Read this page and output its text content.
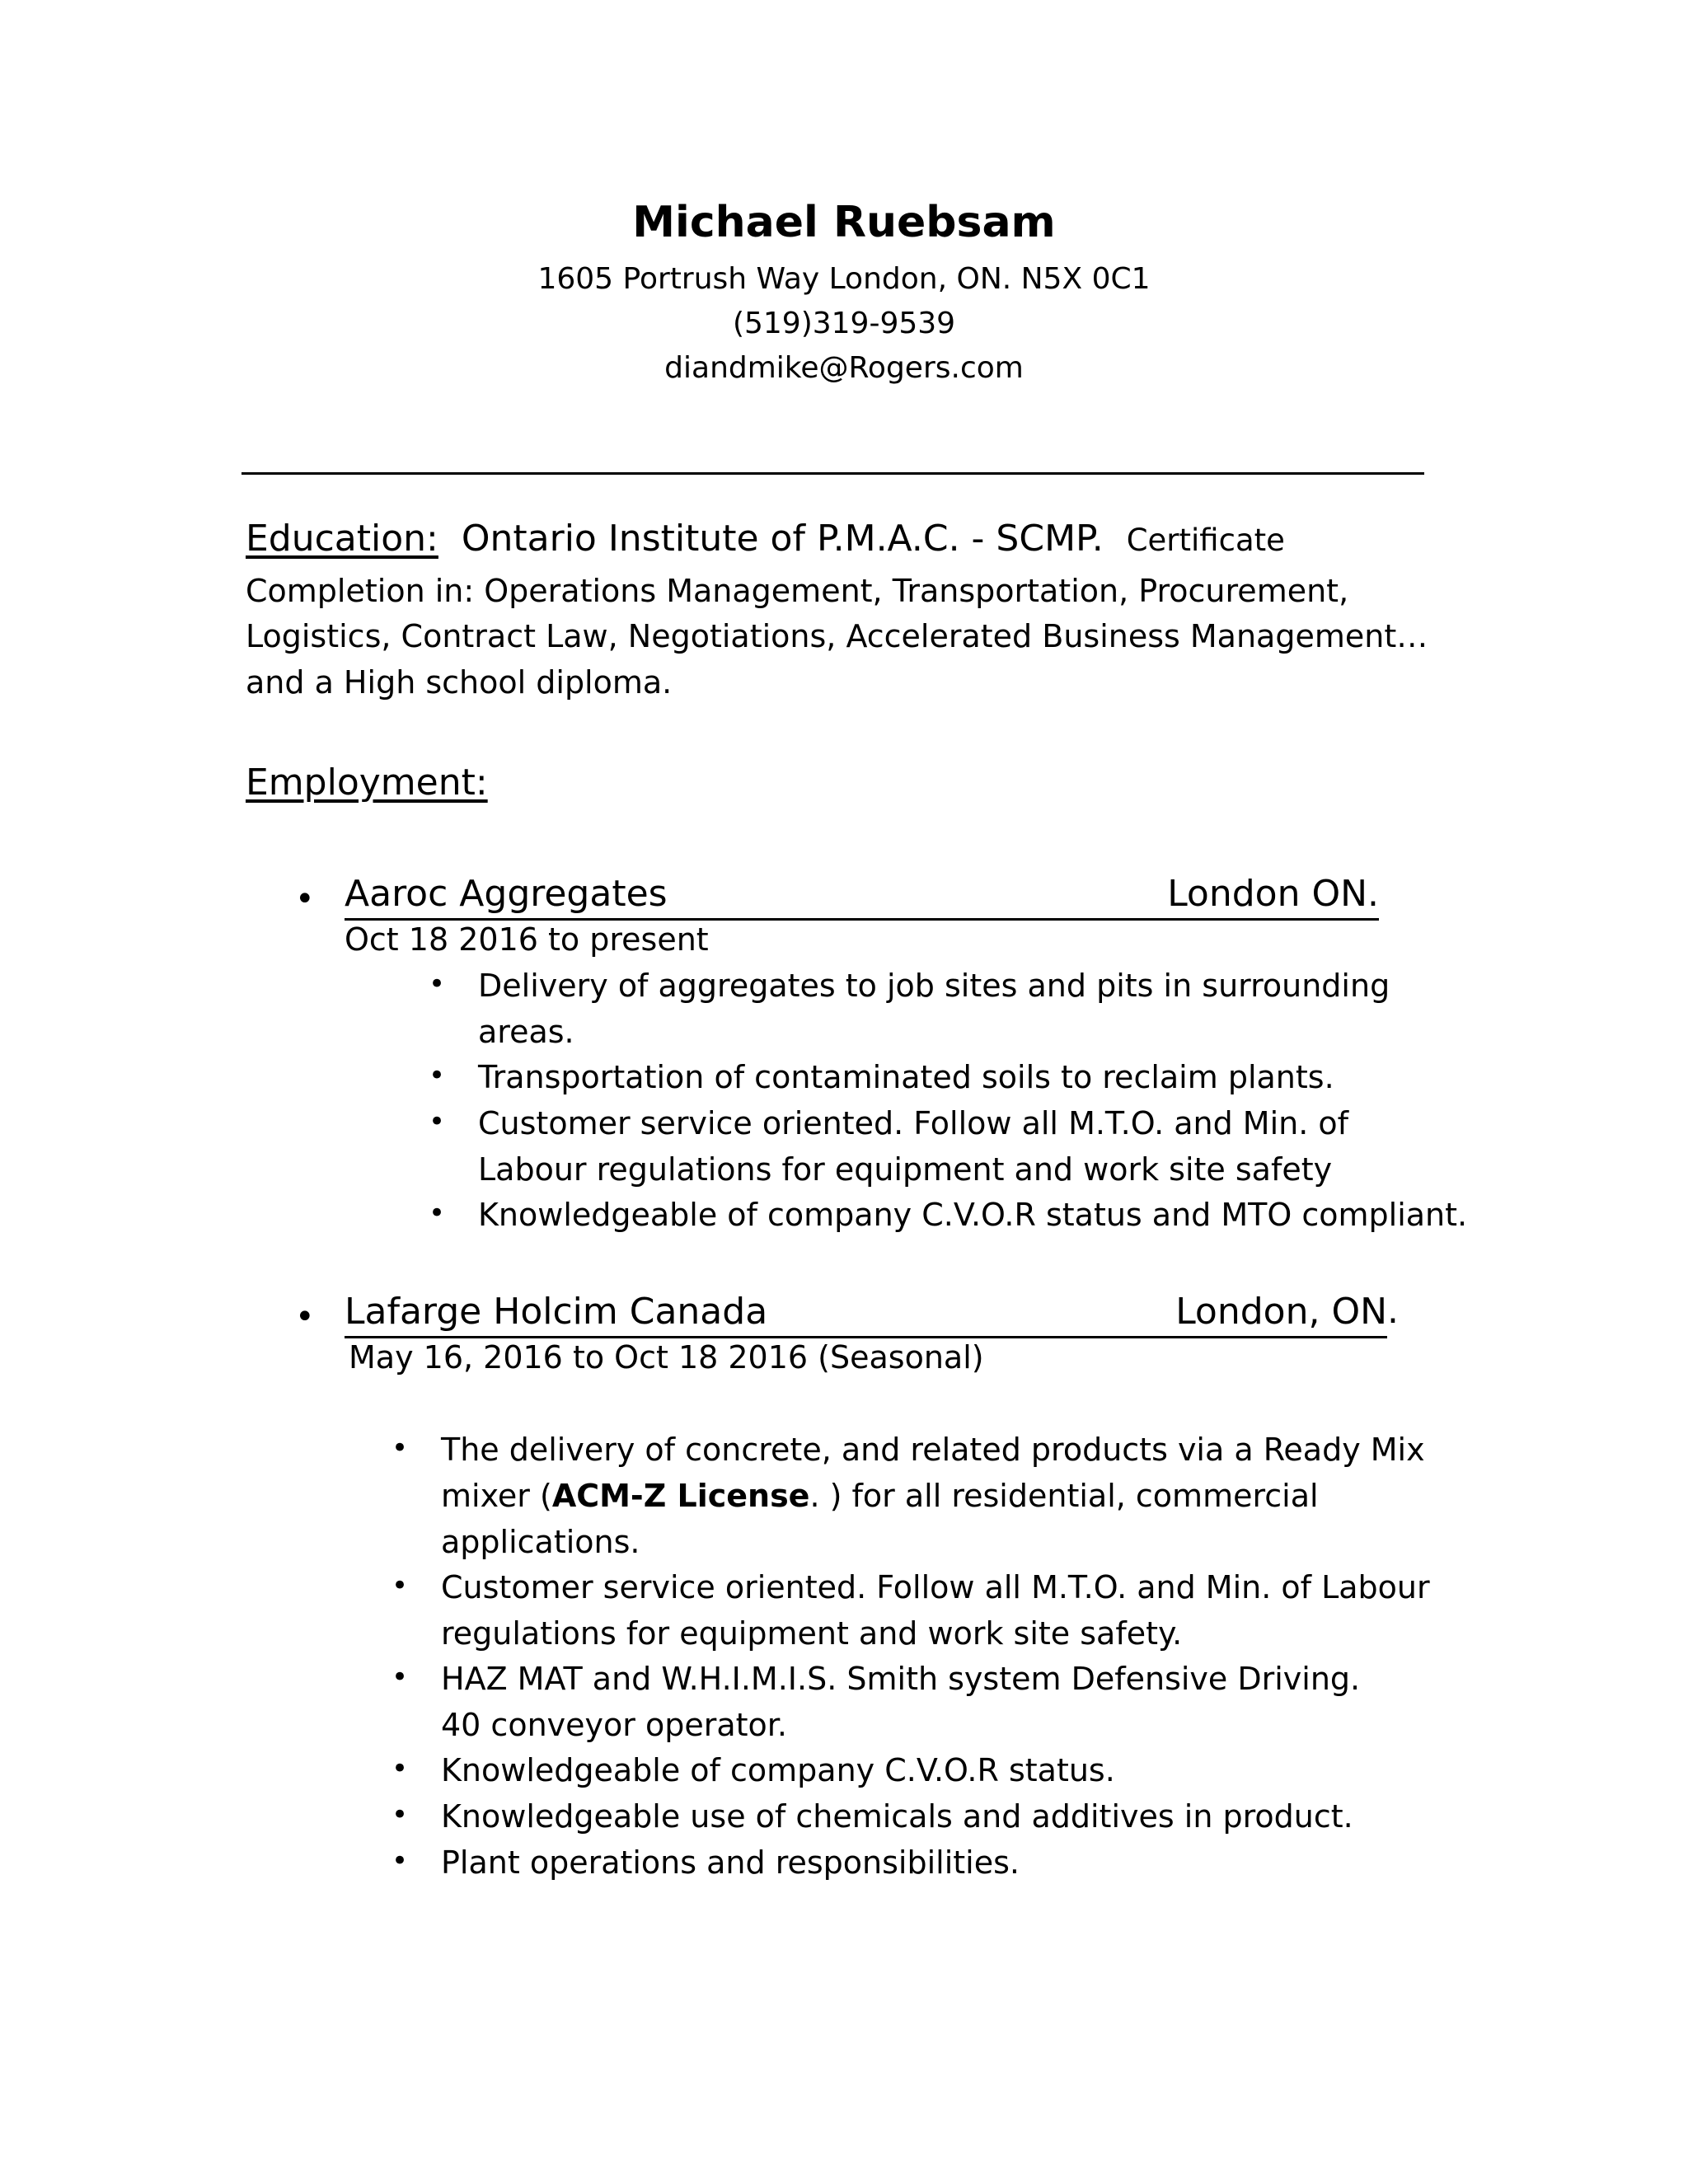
Michael Ruebsam
1605 Portrush Way London, ON. N5X 0C1
(519)319-9539
diandmike@Rogers.com
Education: Ontario Institute of P.M.A.C. - SCMP. Certificate
Completion in: Operations Management, Transportation, Procurement,
Logistics, Contract Law, Negotiations, Accelerated Business Management…
and a High school diploma.
Employment:
• Aaroc Aggregates	London ON.
Oct 18 2016 to present
• Delivery of aggregates to job sites and pits in surrounding
areas.
• Transportation of contaminated soils to reclaim plants.
• Customer service oriented. Follow all M.T.O. and Min. of
Labour regulations for equipment and work site safety
• Knowledgeable of company C.V.O.R status and MTO compliant.
• Lafarge Holcim Canada	London, ON .
May 16, 2016 to Oct 18 2016 (Seasonal)
• The delivery of concrete, and related products via a Ready Mix
mixer (ACM-Z License. ) for all residential, commercial
applications.
• Customer service oriented. Follow all M.T.O. and Min. of Labour
regulations for equipment and work site safety.
• HAZ MAT and W.H.I.M.I.S. Smith system Defensive Driving.
40 conveyor operator.
• Knowledgeable of company C.V.O.R status.
• Knowledgeable use of chemicals and additives in product.
• Plant operations and responsibilities.
